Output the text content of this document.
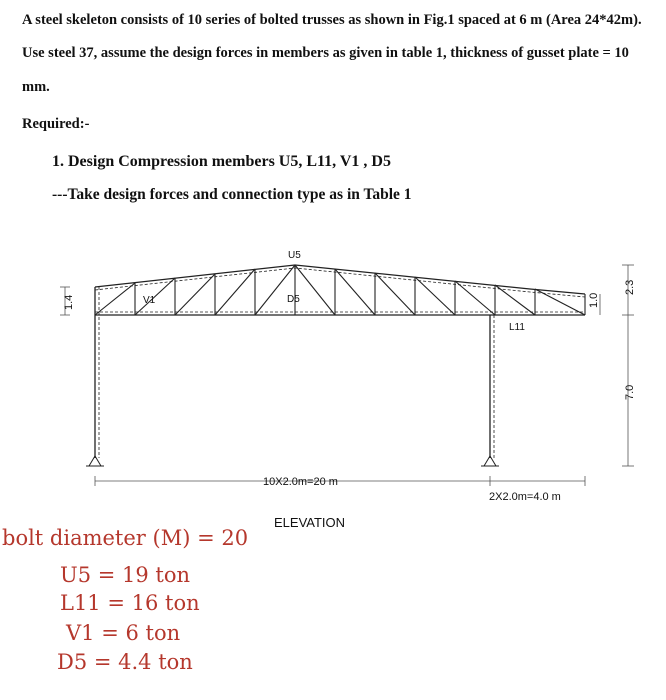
A steel skeleton consists of 10 series of bolted trusses as shown in Fig.1 spaced at 6 m (Area 24*42m).
Use steel 37, assume the design forces in members as given in table 1, thickness of gusset plate = 10
mm.
Required:-
1. Design Compression members U5, L11, V1 , D5
---Take design forces and connection type as in Table 1
U5
D5
V1
L11
10X2.0m=20 m
2X2.0m=4.0 m
1.4
2.3
1.0
7.0
ELEVATION
bolt diameter (M) = 20
U5 = 19 ton
L11 = 16 ton
V1 = 6 ton
D5 = 4.4 ton
